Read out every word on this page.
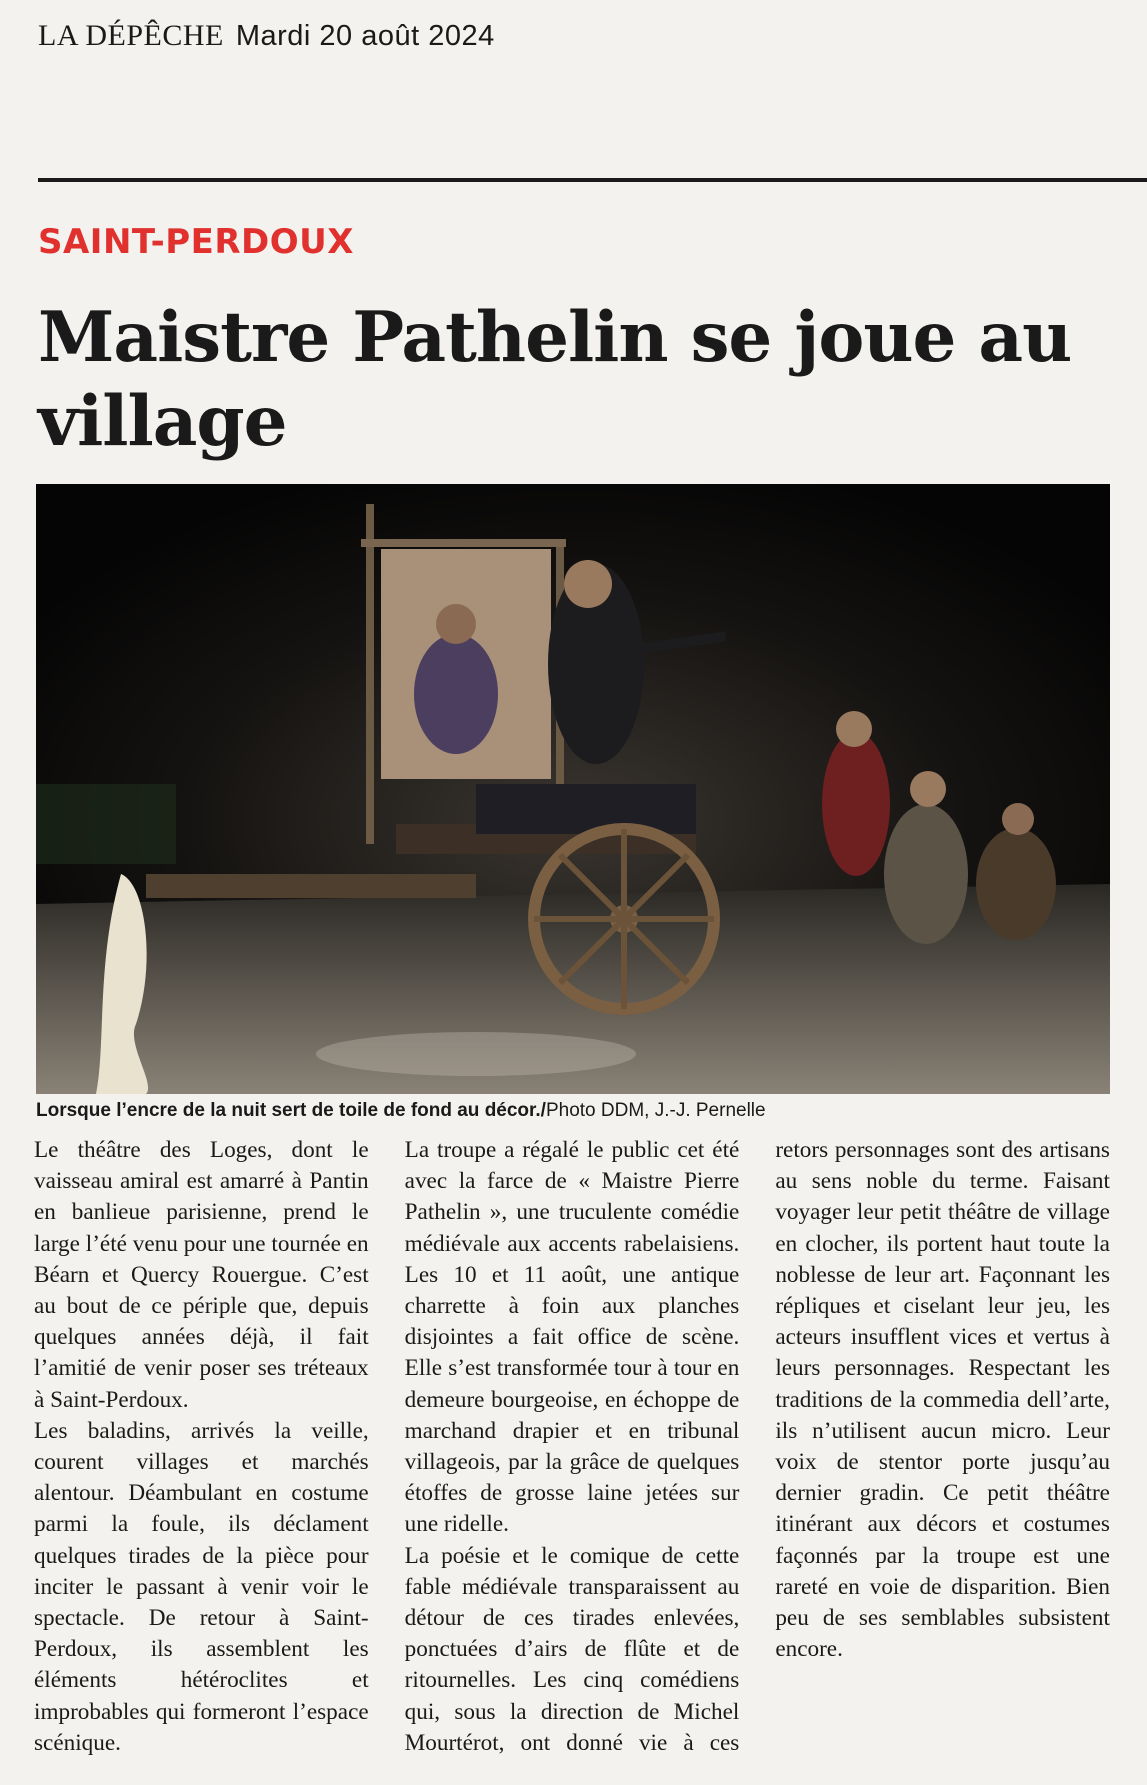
LA DÉPÊCHE Mardi 20 août 2024
SAINT-PERDOUX
Maistre Pathelin se joue au village
Lorsque l’encre de la nuit sert de toile de fond au décor./Photo DDM, J.-J. Pernelle

Le théâtre des Loges, dont le vaisseau amiral est amarré à Pantin en banlieue parisienne, prend le large l’été venu pour une tournée en Béarn et Quercy Rouergue. C’est au bout de ce périple que, depuis quelques années déjà, il fait l’amitié de venir poser ses tréteaux à Saint-Perdoux.

Les baladins, arrivés la veille, courent villages et marchés alentour. Déambulant en costume parmi la foule, ils déclament quelques tirades de la pièce pour inciter le passant à venir voir le spectacle. De retour à Saint-Perdoux, ils assemblent les éléments hétéroclites et improbables qui formeront l’espace scénique.

La troupe a régalé le public cet été avec la farce de « Maistre Pierre Pathelin », une truculente comédie médiévale aux accents rabelaisiens. Les 10 et 11 août, une antique charrette à foin aux planches disjointes a fait office de scène. Elle s’est transformée tour à tour en demeure bourgeoise, en échoppe de marchand drapier et en tribunal villageois, par la grâce de quelques étoffes de grosse laine jetées sur une ridelle.

La poésie et le comique de cette fable médiévale transparaissent au détour de ces tirades enlevées, ponctuées d’airs de flûte et de ritournelles. Les cinq comédiens qui, sous la direction de Michel Mourtérot, ont donné vie à ces retors personnages sont des artisans au sens noble du terme. Faisant voyager leur petit théâtre de village en clocher, ils portent haut toute la noblesse de leur art. Façonnant les répliques et ciselant leur jeu, les acteurs insufflent vices et vertus à leurs personnages. Respectant les traditions de la commedia dell’arte, ils n’utilisent aucun micro. Leur voix de stentor porte jusqu’au dernier gradin. Ce petit théâtre itinérant aux décors et costumes façonnés par la troupe est une rareté en voie de disparition. Bien peu de ses semblables subsistent encore.
